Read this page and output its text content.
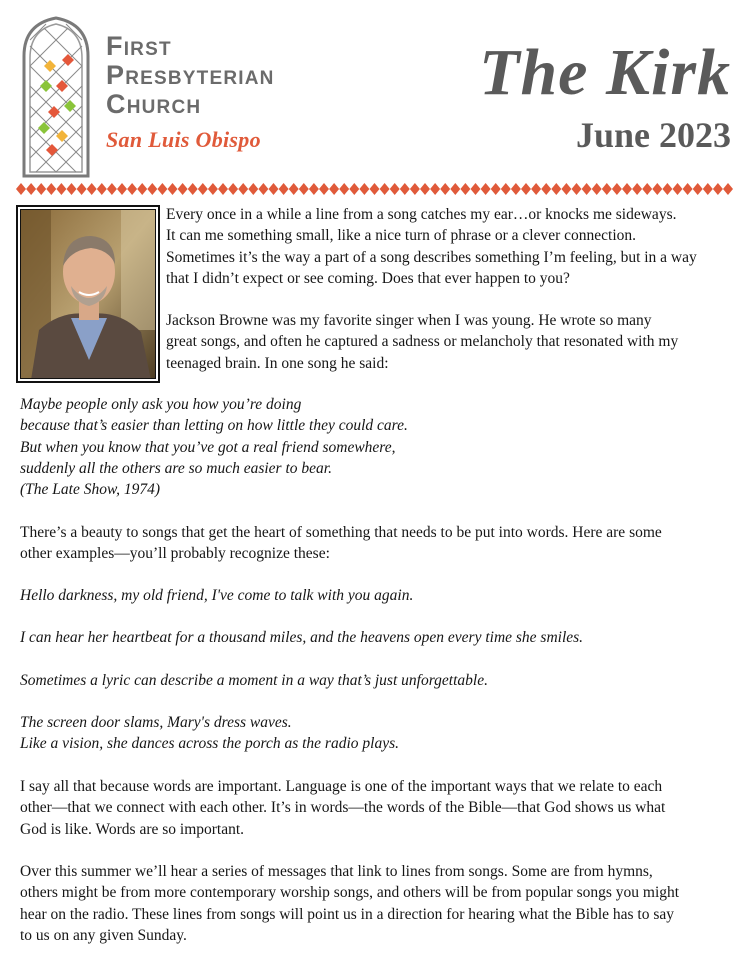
First
Presbyterian
Church
San Luis Obispo
The Kirk
June 2023

Every once in a while a line from a song catches my ear…or knocks me sideways.

It can me something small, like a nice turn of phrase or a clever connection.

Sometimes it’s the way a part of a song describes something I’m feeling, but in a way

that I didn’t expect or see coming. Does that ever happen to you?

Jackson Browne was my favorite singer when I was young. He wrote so many

great songs, and often he captured a sadness or melancholy that resonated with my

teenaged brain. In one song he said:

Maybe people only ask you how you’re doing

because that’s easier than letting on how little they could care.

But when you know that you’ve got a real friend somewhere,

suddenly all the others are so much easier to bear.

(The Late Show, 1974)

There’s a beauty to songs that get the heart of something that needs to be put into words. Here are some

other examples—you’ll probably recognize these:

Hello darkness, my old friend, I've come to talk with you again.

I can hear her heartbeat for a thousand miles, and the heavens open every time she smiles.

Sometimes a lyric can describe a moment in a way that’s just unforgettable.

The screen door slams, Mary's dress waves.

Like a vision, she dances across the porch as the radio plays.

I say all that because words are important. Language is one of the important ways that we relate to each

other—that we connect with each other. It’s in words—the words of the Bible—that God shows us what

God is like. Words are so important.

Over this summer we’ll hear a series of messages that link to lines from songs. Some are from hymns,

others might be from more contemporary worship songs, and others will be from popular songs you might

hear on the radio. These lines from songs will point us in a direction for hearing what the Bible has to say

to us on any given Sunday.
